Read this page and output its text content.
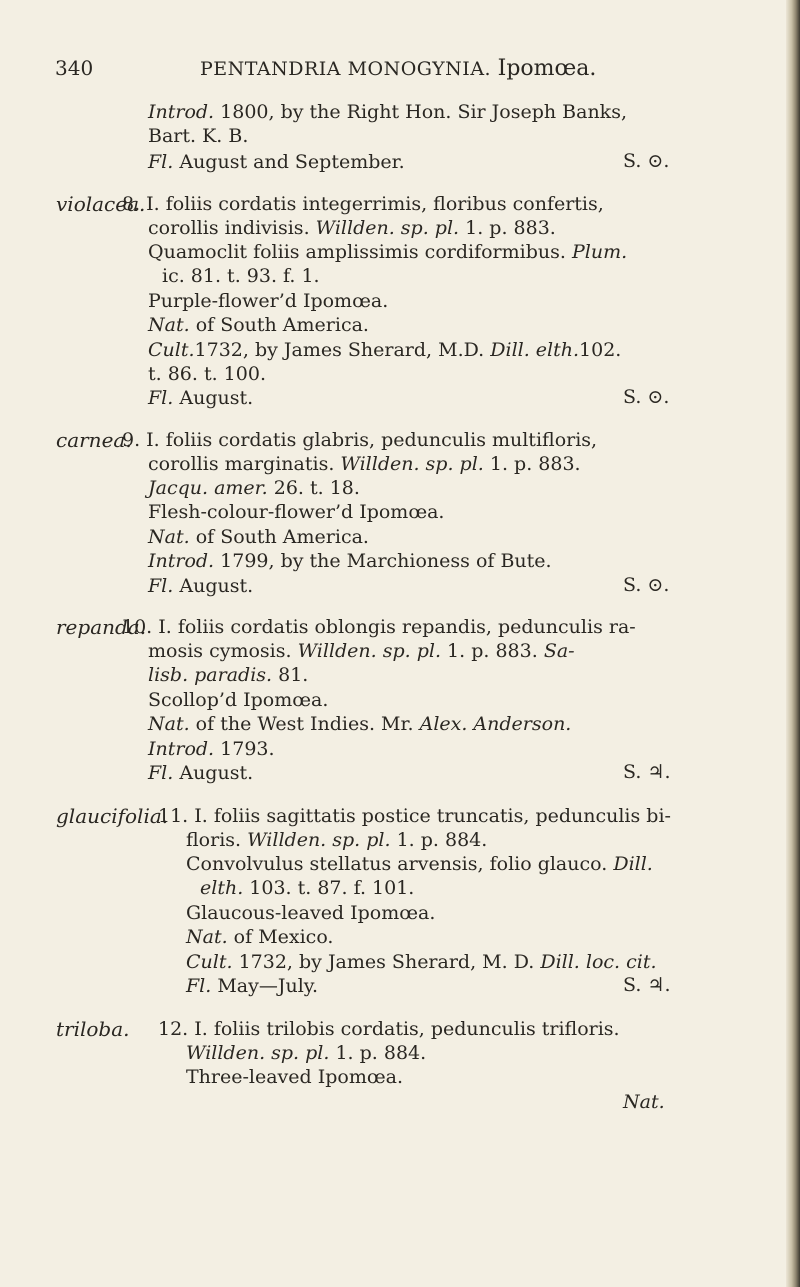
340	PENTANDRIA MONOGYNIA. Ipomœa.
Introd. 1800, by the Right Hon. Sir Joseph Banks,
Bart. K. B.
Fl. August and September.	S. ⊙.
violacea.
8. I. foliis cordatis integerrimis, floribus confertis,
corollis indivisis. Willden. sp. pl. 1. p. 883.
Quamoclit foliis amplissimis cordiformibus. Plum.
ic. 81. t. 93. f. 1.
Purple-flower’d Ipomœa.
Nat. of South America.
Cult.1732, by James Sherard, M.D. Dill. elth.102.
t. 86. t. 100.
Fl. August.	S. ⊙.
carnea.
9. I. foliis cordatis glabris, pedunculis multifloris,
corollis marginatis. Willden. sp. pl. 1. p. 883.
Jacqu. amer. 26. t. 18.
Flesh-colour-flower’d Ipomœa.
Nat. of South America.
Introd. 1799, by the Marchioness of Bute.
Fl. August.	S. ⊙.
repanda.
10. I. foliis cordatis oblongis repandis, pedunculis ra-
mosis cymosis. Willden. sp. pl. 1. p. 883. Sa-
lisb. paradis. 81.
Scollop’d Ipomœa.
Nat. of the West Indies. Mr. Alex. Anderson.
Introd. 1793.
Fl. August.	S. ♃.
glaucifolia.
11. I. foliis sagittatis postice truncatis, pedunculis bi-
floris. Willden. sp. pl. 1. p. 884.
Convolvulus stellatus arvensis, folio glauco. Dill.
elth. 103. t. 87. f. 101.
Glaucous-leaved Ipomœa.
Nat. of Mexico.
Cult. 1732, by James Sherard, M. D. Dill. loc. cit.
Fl. May—July.	S. ♃.
triloba. 12. I. foliis trilobis cordatis, pedunculis trifloris.
Willden. sp. pl. 1. p. 884.
Three-leaved Ipomœa.
Nat.
